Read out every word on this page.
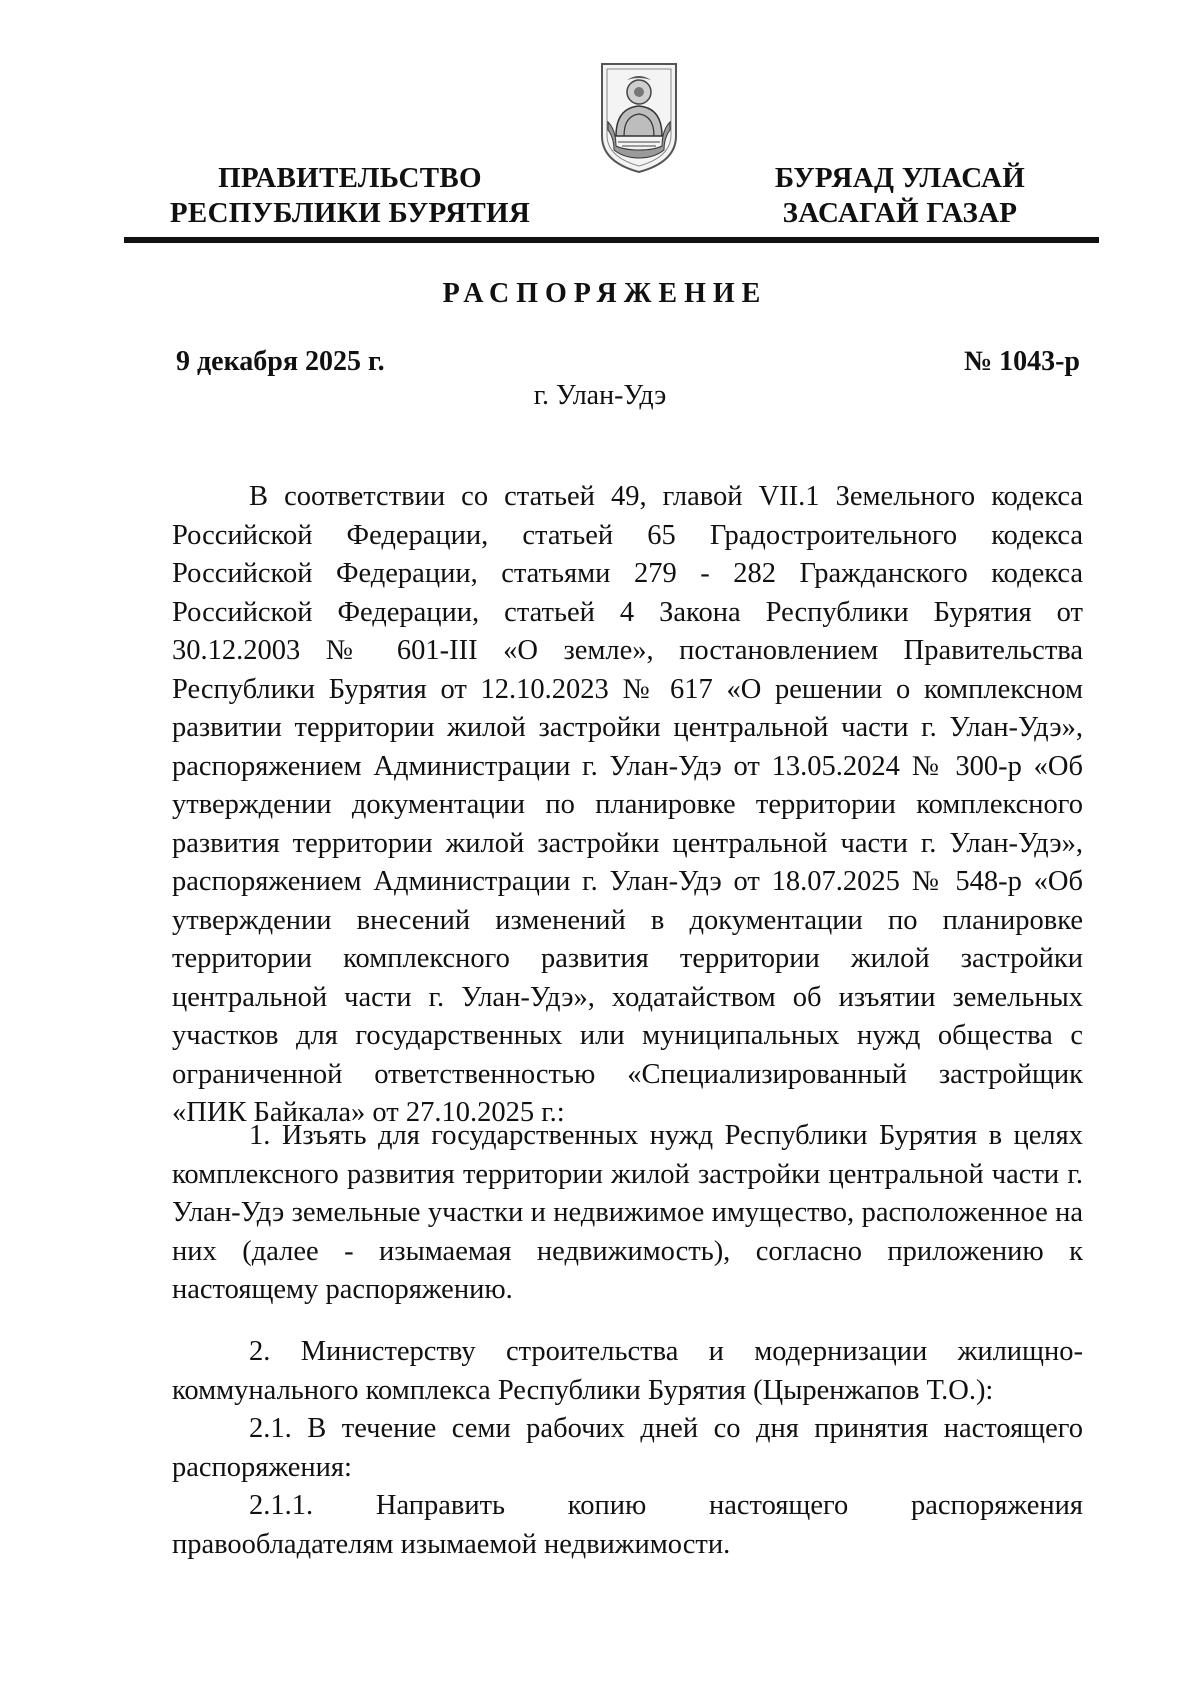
ПРАВИТЕЛЬСТВО
РЕСПУБЛИКИ БУРЯТИЯ
БУРЯАД УЛАСАЙ
ЗАСАГАЙ ГАЗАР
РАСПОРЯЖЕНИЕ
9 декабря 2025 г.	№ 1043-р
г. Улан-Удэ

В соответствии со статьей 49, главой VII.1 Земельного кодекса Российской Федерации, статьей 65 Градостроительного кодекса Российской Федерации, статьями 279 - 282 Гражданского кодекса Российской Федерации, статьей 4 Закона Республики Бурятия от 30.12.2003 № 601-III «О земле», постановлением Правительства Республики Бурятия от 12.10.2023 № 617 «О решении о комплексном развитии территории жилой застройки центральной части г. Улан-Удэ», распоряжением Администрации г. Улан-Удэ от 13.05.2024 № 300-р «Об утверждении документации по планировке территории комплексного развития территории жилой застройки центральной части г. Улан-Удэ», распоряжением Администрации г. Улан-Удэ от 18.07.2025 № 548-р «Об утверждении внесений изменений в документации по планировке территории комплексного развития территории жилой застройки центральной части г. Улан-Удэ», ходатайством об изъятии земельных участков для государственных или муниципальных нужд общества с ограниченной ответственностью «Специализированный застройщик «ПИК Байкала» от 27.10.2025 г.:

1. Изъять для государственных нужд Республики Бурятия в целях комплексного развития территории жилой застройки центральной части г. Улан-Удэ земельные участки и недвижимое имущество, расположенное на них (далее - изымаемая недвижимость), согласно приложению к настоящему распоряжению.

2. Министерству строительства и модернизации жилищно-коммунального комплекса Республики Бурятия (Цыренжапов Т.О.):

2.1. В течение семи рабочих дней со дня принятия настоящего распоряжения:

2.1.1. Направить копию настоящего распоряжения правообладателям изымаемой недвижимости.
